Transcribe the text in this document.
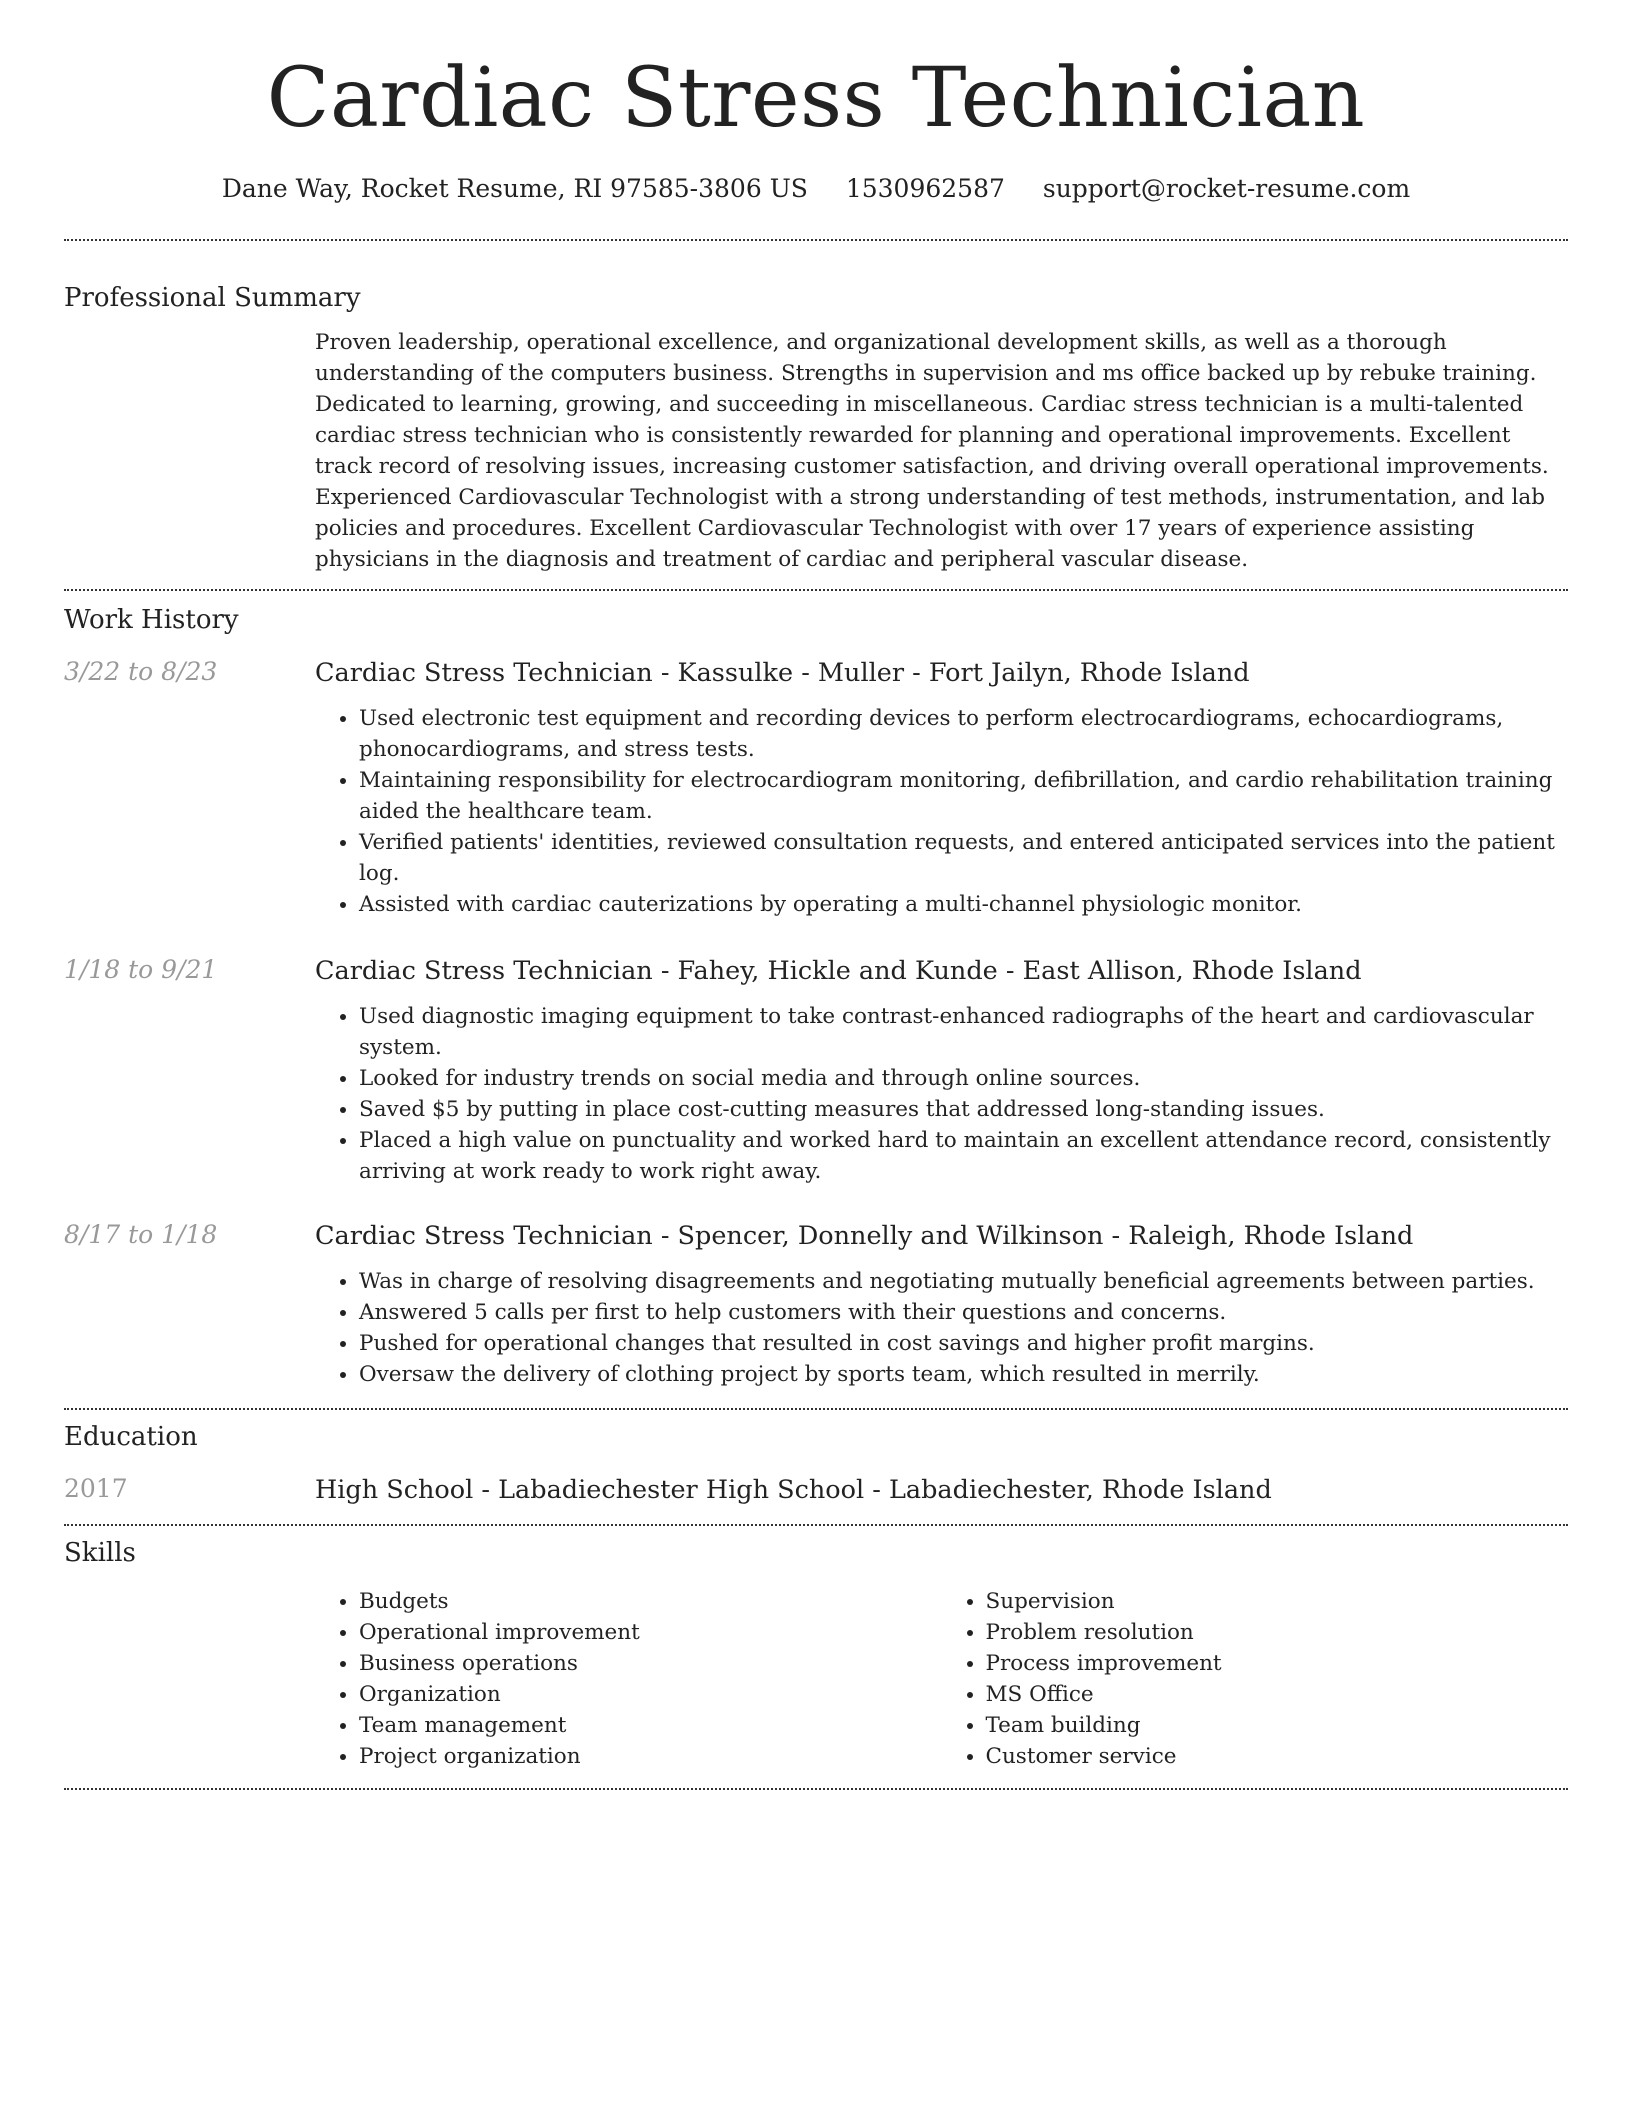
Cardiac Stress Technician
Dane Way, Rocket Resume, RI 97585-3806 US 1530962587 support@rocket-resume.com
Professional Summary

Proven leadership, operational excellence, and organizational development skills, as well as a thorough understanding of the computers business. Strengths in supervision and ms office backed up by rebuke training. Dedicated to learning, growing, and succeeding in miscellaneous. Cardiac stress technician is a multi-talented cardiac stress technician who is consistently rewarded for planning and operational improvements. Excellent track record of resolving issues, increasing customer satisfaction, and driving overall operational improvements. Experienced Cardiovascular Technologist with a strong understanding of test methods, instrumentation, and lab policies and procedures. Excellent Cardiovascular Technologist with over 17 years of experience assisting physicians in the diagnosis and treatment of cardiac and peripheral vascular disease.

Work History
3/22 to 8/23	Cardiac Stress Technician - Kassulke - Muller - Fort Jailyn, Rhode Island
• Used electronic test equipment and recording devices to perform electrocardiograms, echocardiograms, phonocardiograms, and stress tests.
• Maintaining responsibility for electrocardiogram monitoring, defibrillation, and cardio rehabilitation training aided the healthcare team.
• Verified patients' identities, reviewed consultation requests, and entered anticipated services into the patient log.
• Assisted with cardiac cauterizations by operating a multi-channel physiologic monitor.
1/18 to 9/21	Cardiac Stress Technician - Fahey, Hickle and Kunde - East Allison, Rhode Island
• Used diagnostic imaging equipment to take contrast-enhanced radiographs of the heart and cardiovascular system.
• Looked for industry trends on social media and through online sources.
• Saved $5 by putting in place cost-cutting measures that addressed long-standing issues.
• Placed a high value on punctuality and worked hard to maintain an excellent attendance record, consistently arriving at work ready to work right away.
8/17 to 1/18	Cardiac Stress Technician - Spencer, Donnelly and Wilkinson - Raleigh, Rhode Island
• Was in charge of resolving disagreements and negotiating mutually beneficial agreements between parties.
• Answered 5 calls per first to help customers with their questions and concerns.
• Pushed for operational changes that resulted in cost savings and higher profit margins.
• Oversaw the delivery of clothing project by sports team, which resulted in merrily.
Education
2017	High School - Labadiechester High School - Labadiechester, Rhode Island
Skills
• Budgets
• Operational improvement
• Business operations
• Organization
• Team management
• Project organization
• Supervision
• Problem resolution
• Process improvement
• MS Office
• Team building
• Customer service
